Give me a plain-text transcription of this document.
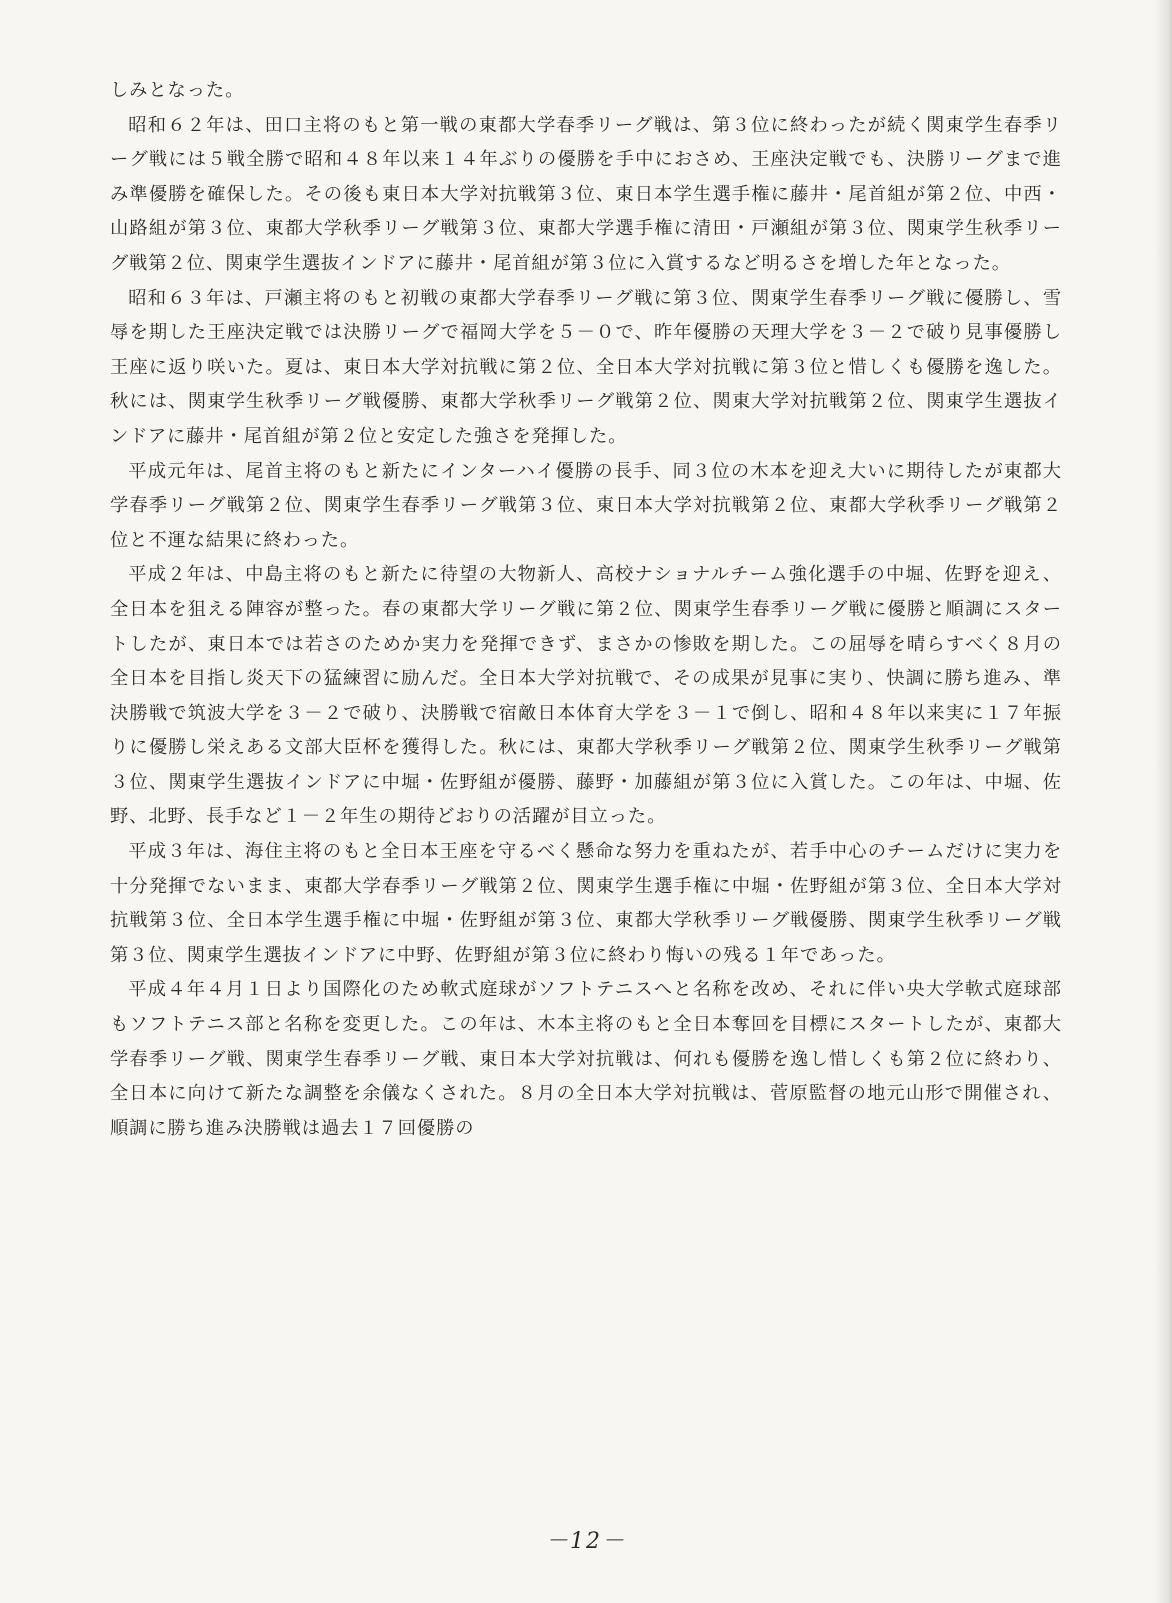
しみとなった。

昭和６２年は、田口主将のもと第一戦の東都大学春季リーグ戦は、第３位に終わったが続く関東学生春季リーグ戦には５戦全勝で昭和４８年以来１４年ぶりの優勝を手中におさめ、王座決定戦でも、決勝リーグまで進み準優勝を確保した。その後も東日本大学対抗戦第３位、東日本学生選手権に藤井・尾首組が第２位、中西・山路組が第３位、東都大学秋季リーグ戦第３位、東都大学選手権に清田・戸瀬組が第３位、関東学生秋季リーグ戦第２位、関東学生選抜インドアに藤井・尾首組が第３位に入賞するなど明るさを増した年となった。

昭和６３年は、戸瀬主将のもと初戦の東都大学春季リーグ戦に第３位、関東学生春季リーグ戦に優勝し、雪辱を期した王座決定戦では決勝リーグで福岡大学を５－０で、昨年優勝の天理大学を３－２で破り見事優勝し王座に返り咲いた。夏は、東日本大学対抗戦に第２位、全日本大学対抗戦に第３位と惜しくも優勝を逸した。秋には、関東学生秋季リーグ戦優勝、東都大学秋季リーグ戦第２位、関東大学対抗戦第２位、関東学生選抜インドアに藤井・尾首組が第２位と安定した強さを発揮した。

平成元年は、尾首主将のもと新たにインターハイ優勝の長手、同３位の木本を迎え大いに期待したが東都大学春季リーグ戦第２位、関東学生春季リーグ戦第３位、東日本大学対抗戦第２位、東都大学秋季リーグ戦第２位と不運な結果に終わった。

平成２年は、中島主将のもと新たに待望の大物新人、高校ナショナルチーム強化選手の中堀、佐野を迎え、全日本を狙える陣容が整った。春の東都大学リーグ戦に第２位、関東学生春季リーグ戦に優勝と順調にスタートしたが、東日本では若さのためか実力を発揮できず、まさかの惨敗を期した。この屈辱を晴らすべく８月の全日本を目指し炎天下の猛練習に励んだ。全日本大学対抗戦で、その成果が見事に実り、快調に勝ち進み、準決勝戦で筑波大学を３－２で破り、決勝戦で宿敵日本体育大学を３－１で倒し、昭和４８年以来実に１７年振りに優勝し栄えある文部大臣杯を獲得した。秋には、東都大学秋季リーグ戦第２位、関東学生秋季リーグ戦第３位、関東学生選抜インドアに中堀・佐野組が優勝、藤野・加藤組が第３位に入賞した。この年は、中堀、佐野、北野、長手など１－２年生の期待どおりの活躍が目立った。

平成３年は、海住主将のもと全日本王座を守るべく懸命な努力を重ねたが、若手中心のチームだけに実力を十分発揮でないまま、東都大学春季リーグ戦第２位、関東学生選手権に中堀・佐野組が第３位、全日本大学対抗戦第３位、全日本学生選手権に中堀・佐野組が第３位、東都大学秋季リーグ戦優勝、関東学生秋季リーグ戦第３位、関東学生選抜インドアに中野、佐野組が第３位に終わり悔いの残る１年であった。

平成４年４月１日より国際化のため軟式庭球がソフトテニスへと名称を改め、それに伴い央大学軟式庭球部もソフトテニス部と名称を変更した。この年は、木本主将のもと全日本奪回を目標にスタートしたが、東都大学春季リーグ戦、関東学生春季リーグ戦、東日本大学対抗戦は、何れも優勝を逸し惜しくも第２位に終わり、全日本に向けて新たな調整を余儀なくされた。８月の全日本大学対抗戦は、菅原監督の地元山形で開催され、順調に勝ち進み決勝戦は過去１７回優勝の

－12－
